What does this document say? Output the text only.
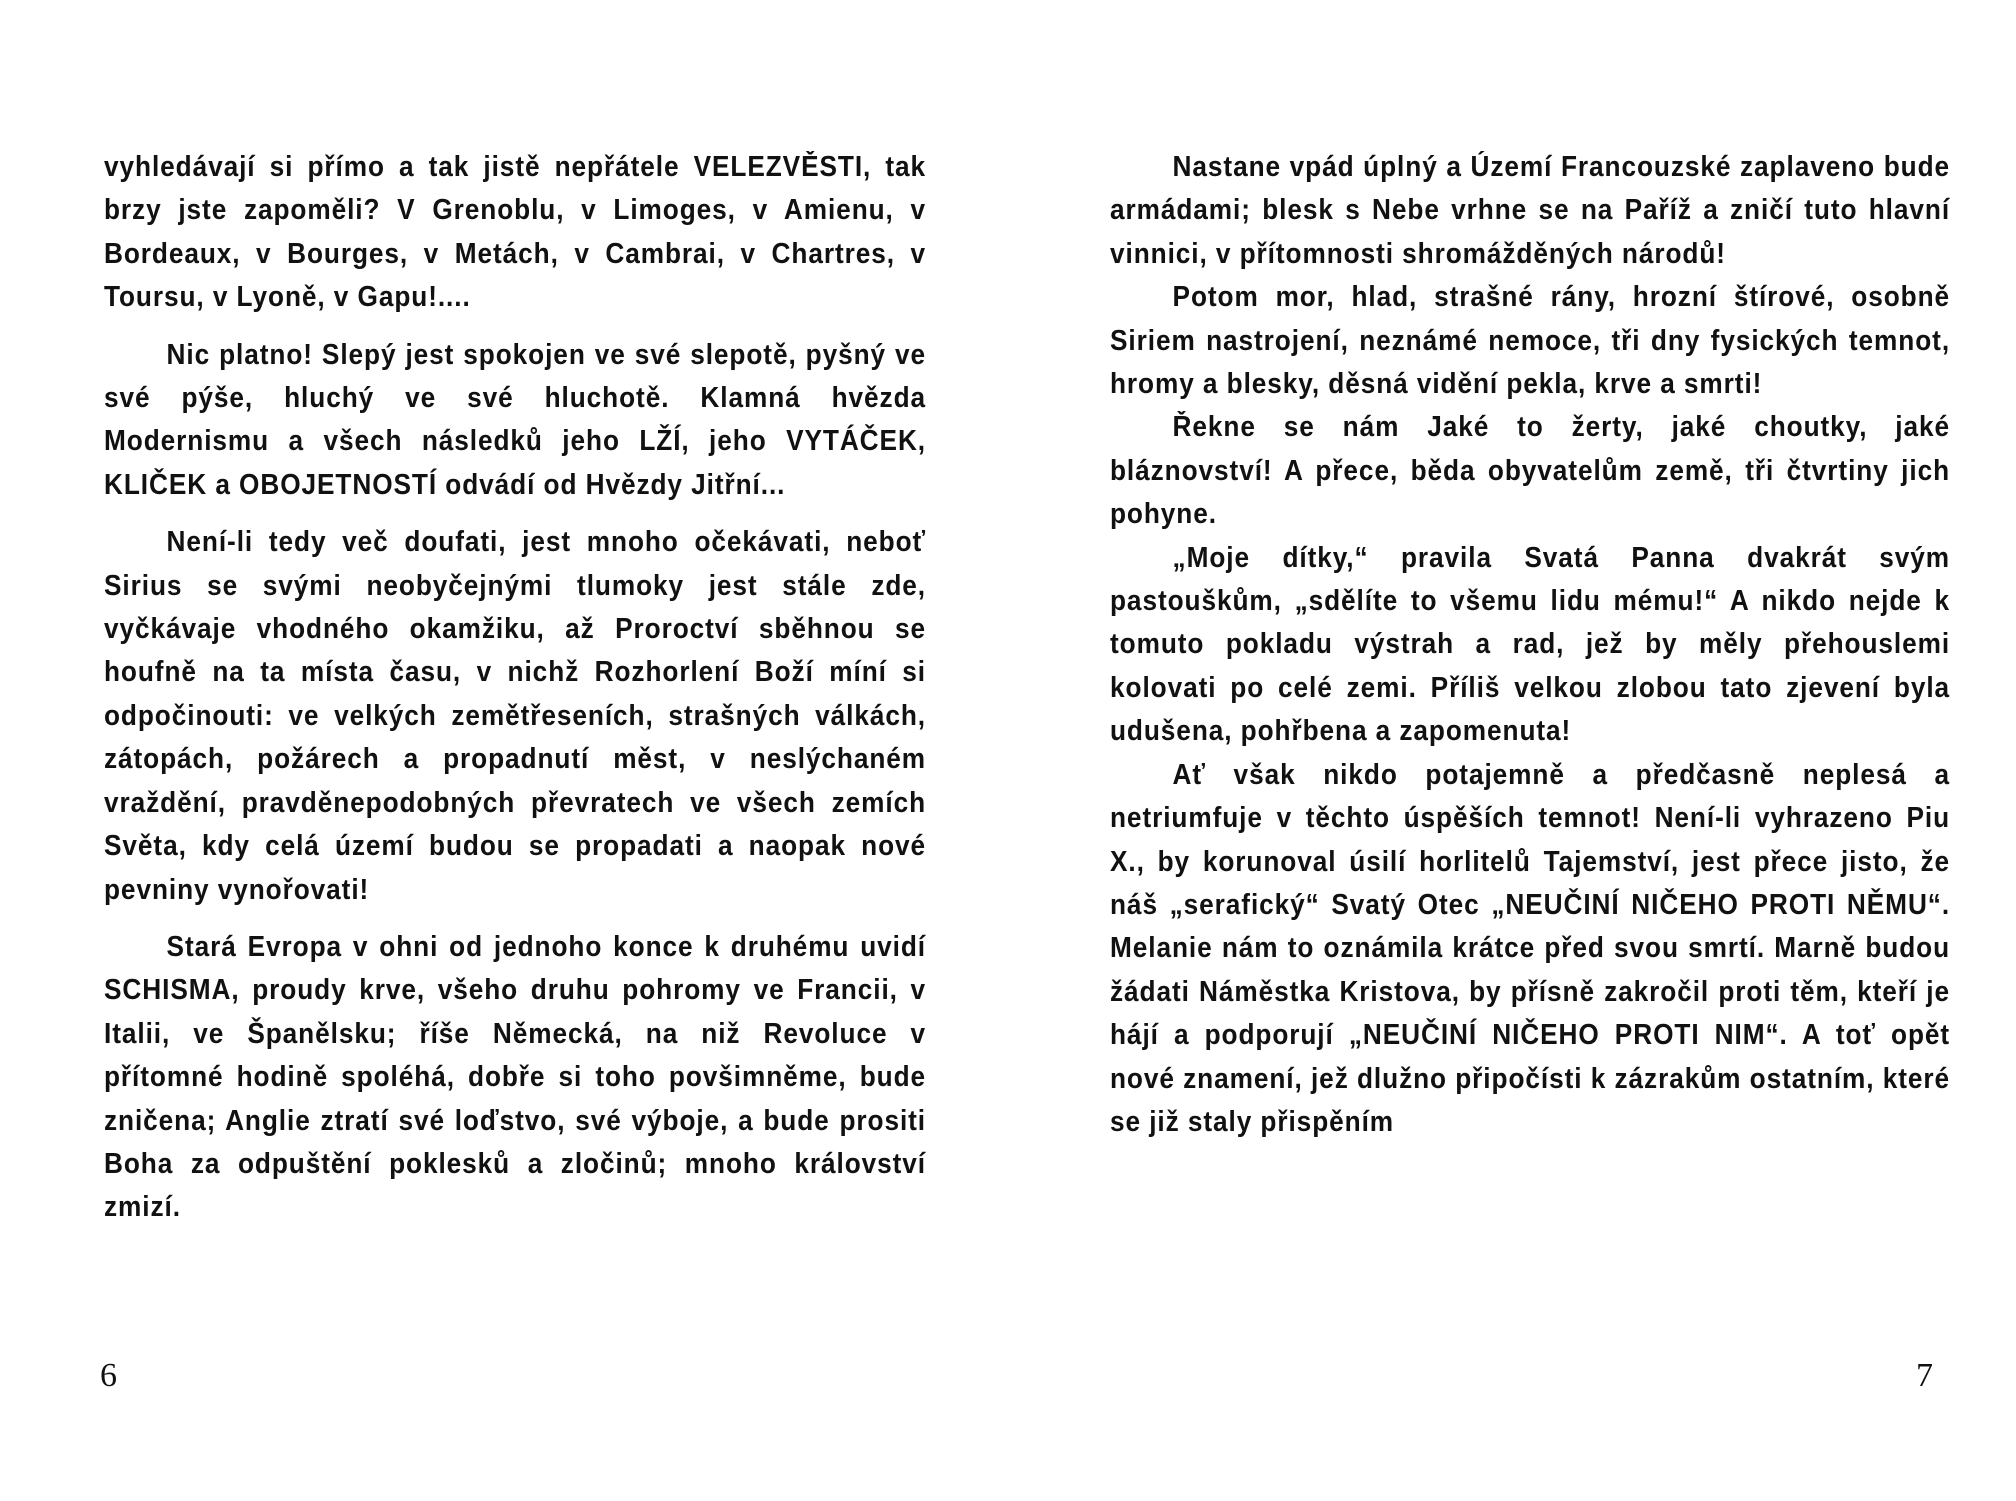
vyhledávají si přímo a tak jistě nepřátele VELEZVĚSTI, tak brzy jste zapoměli? V Grenoblu, v Limoges, v Amienu, v Bordeaux, v Bourges, v Metách, v Cambrai, v Chartres, v Toursu, v Lyoně, v Gapu!....

Nic platno! Slepý jest spokojen ve své slepotě, pyšný ve své pýše, hluchý ve své hluchotě. Klamná hvězda Modernismu a všech následků jeho LŽÍ, jeho VYTÁČEK, KLIČEK a OBOJETNOSTÍ odvádí od Hvězdy Jitřní...

Není-li tedy več doufati, jest mnoho očekávati, neboť Sirius se svými neobyčejnými tlumoky jest stále zde, vyčkávaje vhodného okamžiku, až Proroctví sběhnou se houfně na ta místa času, v nichž Rozhorlení Boží míní si odpočinouti: ve velkých zemětřeseních, strašných válkách, zátopách, požárech a propadnutí měst, v neslýchaném vraždění, pravděnepodobných převratech ve všech zemích Světa, kdy celá území budou se propadati a naopak nové pevniny vynořovati!

Stará Evropa v ohni od jednoho konce k druhému uvidí SCHISMA, proudy krve, všeho druhu pohromy ve Francii, v Italii, ve Španělsku; říše Německá, na niž Revoluce v přítomné hodině spoléhá, dobře si toho povšimněme, bude zničena; Anglie ztratí své loďstvo, své výboje, a bude prositi Boha za odpuštění poklesků a zločinů; mnoho království zmizí.

Nastane vpád úplný a Území Francouzské zaplaveno bude armádami; blesk s Nebe vrhne se na Paříž a zničí tuto hlavní vinnici, v přítomnosti shromážděných národů!

Potom mor, hlad, strašné rány, hrozní štírové, osobně Siriem nastrojení, neznámé nemoce, tři dny fysických temnot, hromy a blesky, děsná vidění pekla, krve a smrti!

Řekne se nám Jaké to žerty, jaké choutky, jaké bláznovství! A přece, běda obyvatelům země, tři čtvrtiny jich pohyne.

„Moje dítky,“ pravila Svatá Panna dvakrát svým pastouškům, „sdělíte to všemu lidu mému!“ A nikdo nejde k tomuto pokladu výstrah a rad, jež by měly přehouslemi kolovati po celé zemi. Příliš velkou zlobou tato zjevení byla udušena, pohřbena a zapomenuta!

Ať však nikdo potajemně a předčasně neplesá a netriumfuje v těchto úspěších temnot! Není-li vyhrazeno Piu X., by korunoval úsilí horlitelů Tajemství, jest přece jisto, že náš „serafický“ Svatý Otec „NEUČINÍ NIČEHO PROTI NĚMU“. Melanie nám to oznámila krátce před svou smrtí. Marně budou žádati Náměstka Kristova, by přísně zakročil proti těm, kteří je hájí a podporují „NEUČINÍ NIČEHO PROTI NIM“. A toť opět nové znamení, jež dlužno připočísti k zázrakům ostatním, které se již staly přispěním

6	7
